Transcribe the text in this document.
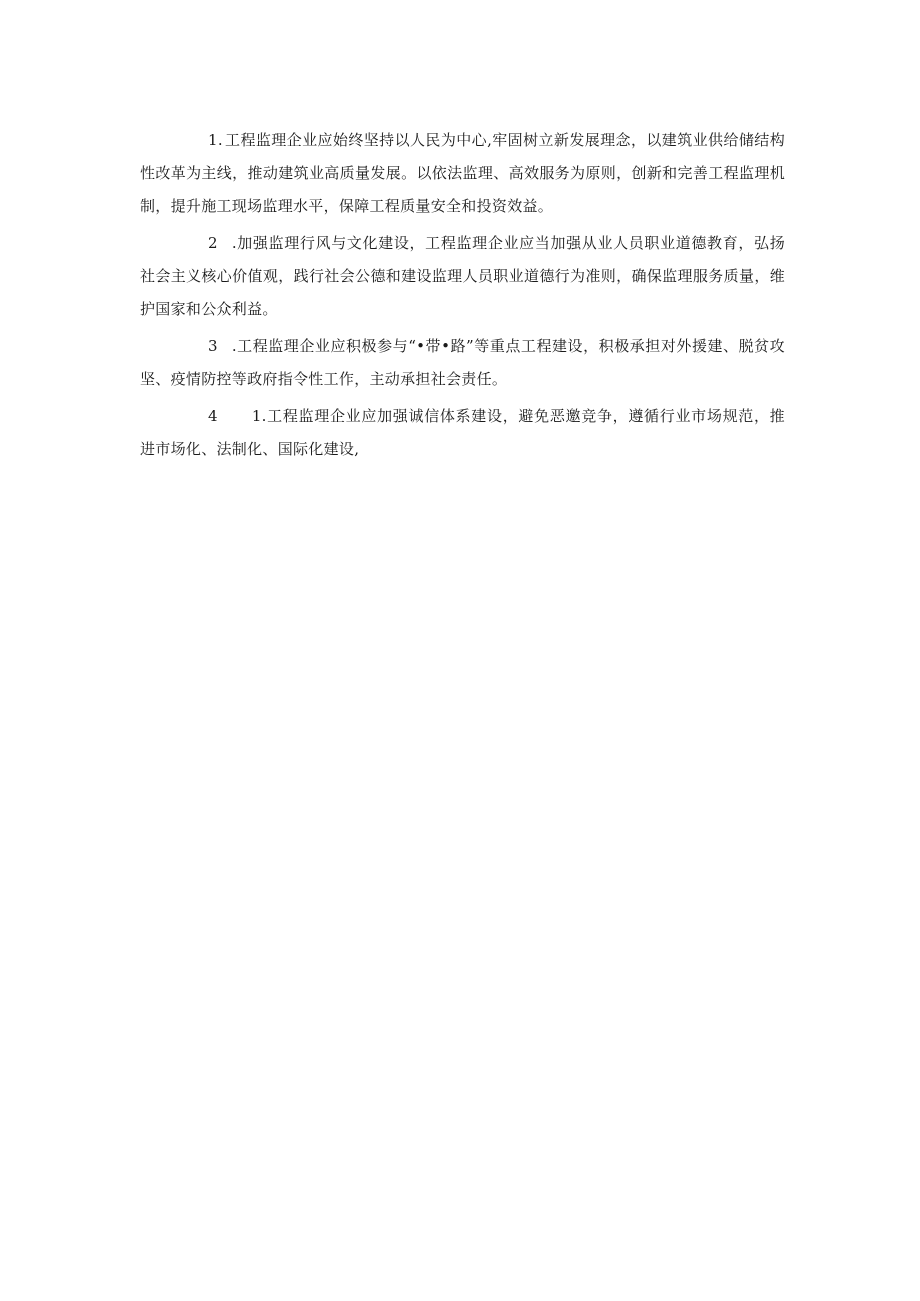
1. 工程监理企业应始终坚持以人民为中心,牢固树立新发展理念，以建筑业供给储结构性改革为主线，推动建筑业高质量发展。以依法监理、高效服务为原则，创新和完善工程监理机制，提升施工现场监理水平，保障工程质量安全和投资效益。

2 .加强监理行风与文化建设，工程监理企业应当加强从业人员职业道德教育，弘扬社会主义核心价值观，践行社会公德和建设监理人员职业道德行为准则，确保监理服务质量，维护国家和公众利益。

3 .工程监理企业应积极参与“•带•路”等重点工程建设，积极承担对外援建、脱贫攻坚、疫情防控等政府指令性工作，主动承担社会责任。

4 1.工程监理企业应加强诚信体系建设，避免恶邀竞争，遵循行业市场规范，推进市场化、法制化、国际化建设,
